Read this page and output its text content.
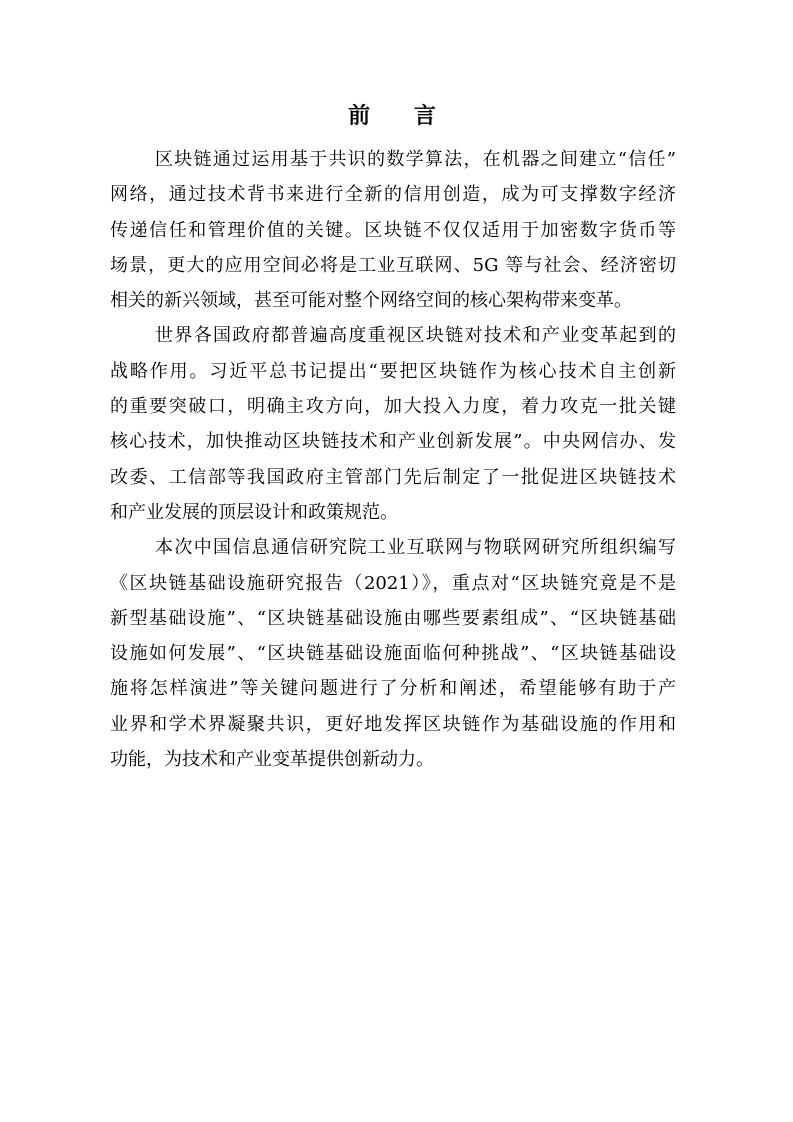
前 言
区块链通过运用基于共识的数学算法，在机器之间建立“信任”
网络，通过技术背书来进行全新的信用创造，成为可支撑数字经济
传递信任和管理价值的关键。区块链不仅仅适用于加密数字货币等
场景，更大的应用空间必将是工业互联网、5G 等与社会、经济密切
相关的新兴领域，甚至可能对整个网络空间的核心架构带来变革。
世界各国政府都普遍高度重视区块链对技术和产业变革起到的
战略作用。习近平总书记提出“要把区块链作为核心技术自主创新
的重要突破口，明确主攻方向，加大投入力度，着力攻克一批关键
核心技术，加快推动区块链技术和产业创新发展”。中央网信办、发
改委、工信部等我国政府主管部门先后制定了一批促进区块链技术
和产业发展的顶层设计和政策规范。
本次中国信息通信研究院工业互联网与物联网研究所组织编写
《区块链基础设施研究报告（2021）》，重点对“区块链究竟是不是
新型基础设施”、“区块链基础设施由哪些要素组成”、“区块链基础
设施如何发展”、“区块链基础设施面临何种挑战”、“区块链基础设
施将怎样演进”等关键问题进行了分析和阐述，希望能够有助于产
业界和学术界凝聚共识，更好地发挥区块链作为基础设施的作用和
功能，为技术和产业变革提供创新动力。
